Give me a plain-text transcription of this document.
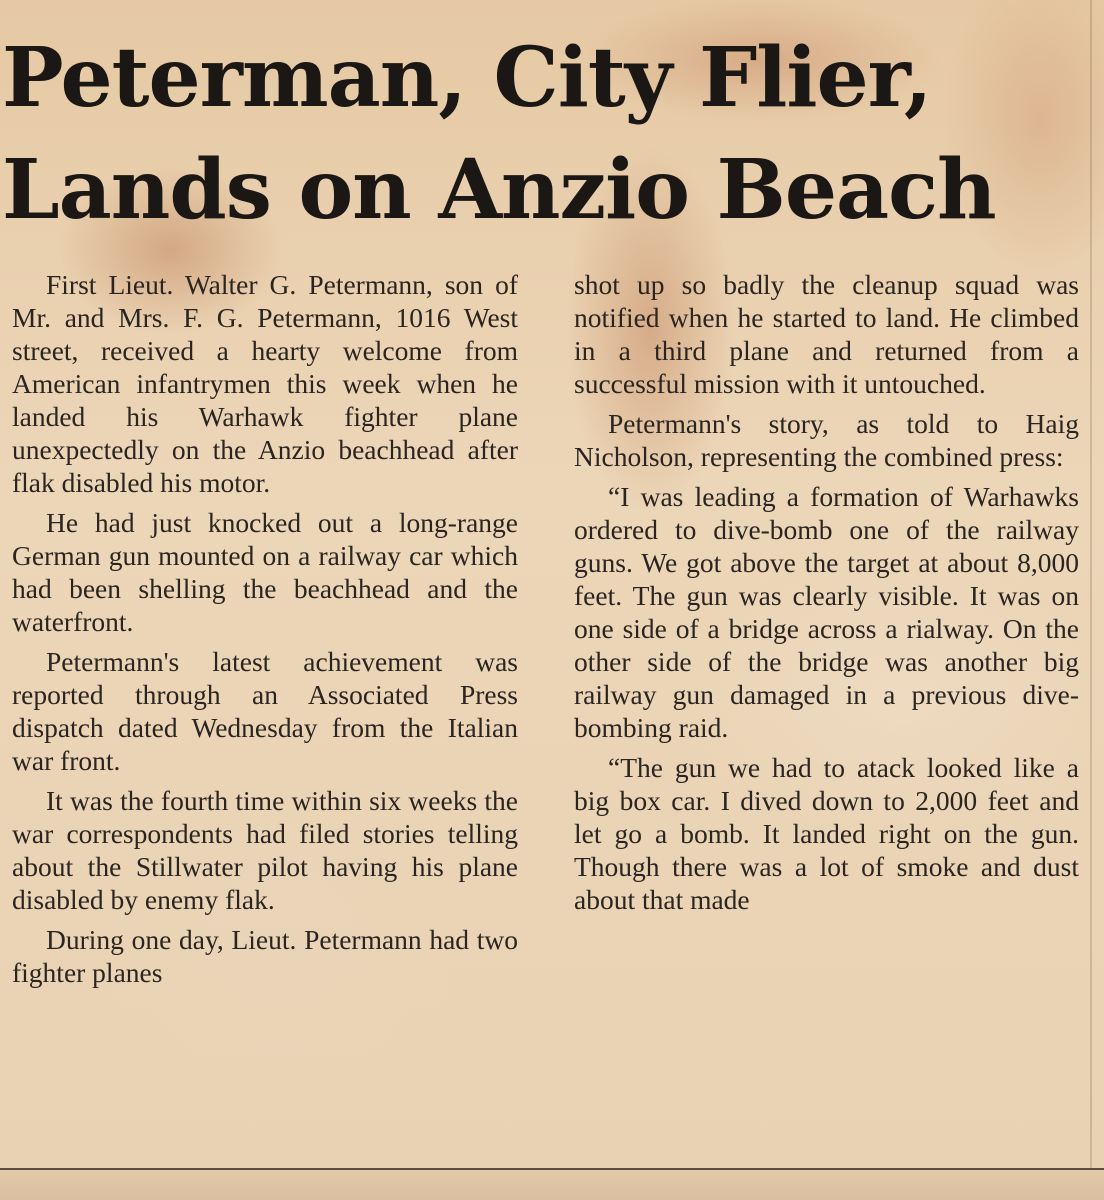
Peterman, City Flier,
Lands on Anzio Beach

First Lieut. Walter G. Petermann, son of Mr. and Mrs. F. G. Petermann, 1016 West street, received a hearty welcome from American infantrymen this week when he landed his Warhawk fighter plane unexpectedly on the Anzio beachhead after flak disabled his motor.

He had just knocked out a long-range German gun mounted on a railway car which had been shelling the beachhead and the waterfront.

Petermann's latest achievement was reported through an Associated Press dispatch dated Wednesday from the Italian war front.

It was the fourth time within six weeks the war correspondents had filed stories telling about the Stillwater pilot having his plane disabled by enemy flak.

During one day, Lieut. Petermann had two fighter planes

shot up so badly the cleanup squad was notified when he started to land. He climbed in a third plane and returned from a successful mission with it untouched.

Petermann's story, as told to Haig Nicholson, representing the combined press:

“I was leading a formation of Warhawks ordered to dive-bomb one of the railway guns. We got above the target at about 8,000 feet. The gun was clearly visible. It was on one side of a bridge across a rialway. On the other side of the bridge was another big railway gun damaged in a previous dive-bombing raid.

“The gun we had to atack looked like a big box car. I dived down to 2,000 feet and let go a bomb. It landed right on the gun. Though there was a lot of smoke and dust about that made
